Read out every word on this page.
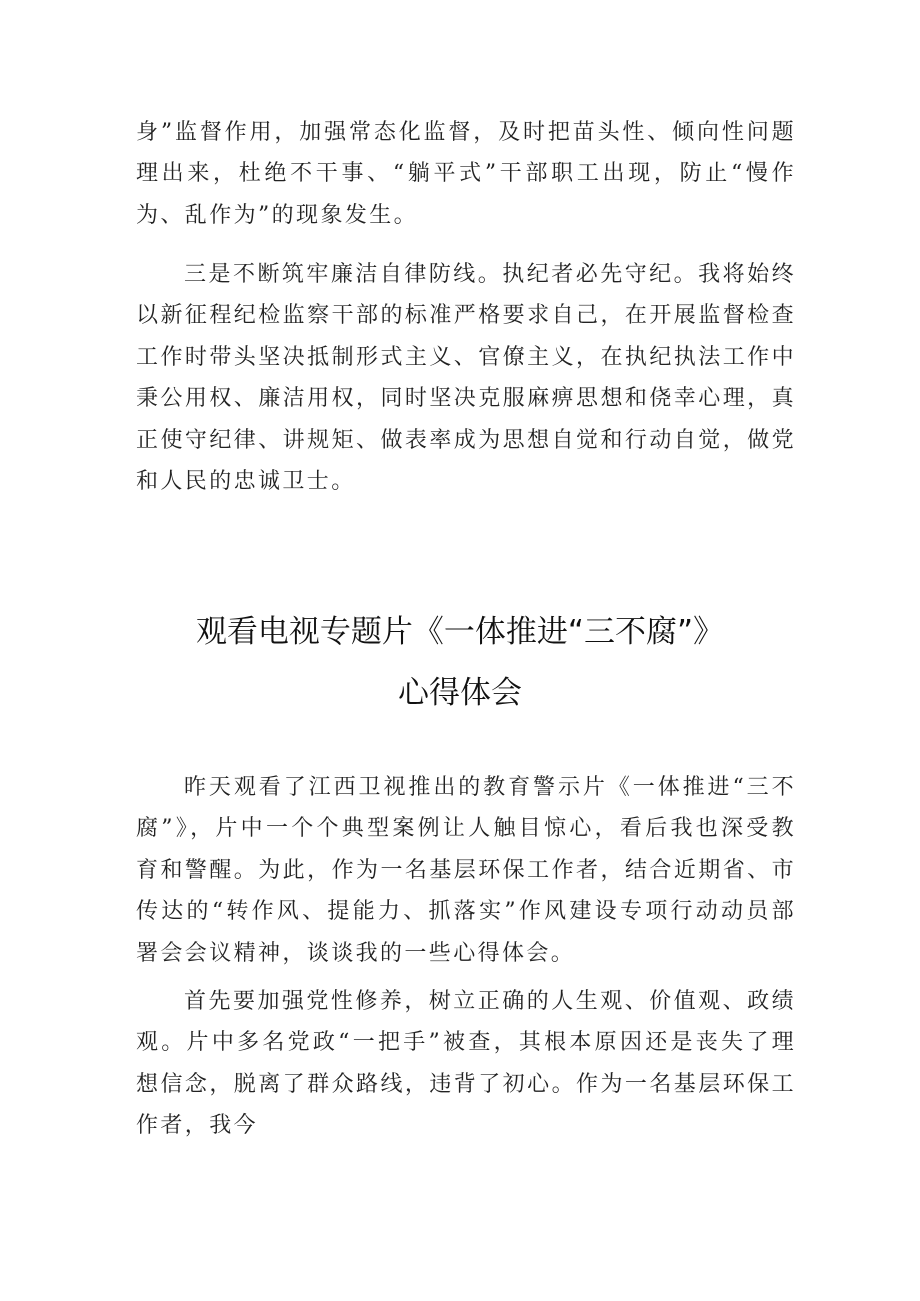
身”监督作用，加强常态化监督，及时把苗头性、倾向性问题理出来，杜绝不干事、“躺平式”干部职工出现，防止“慢作为、乱作为”的现象发生。

三是不断筑牢廉洁自律防线。执纪者必先守纪。我将始终以新征程纪检监察干部的标准严格要求自己，在开展监督检查工作时带头坚决抵制形式主义、官僚主义，在执纪执法工作中秉公用权、廉洁用权，同时坚决克服麻痹思想和侥幸心理，真正使守纪律、讲规矩、做表率成为思想自觉和行动自觉，做党和人民的忠诚卫士。

观看电视专题片《一体推进“三不腐”》
心得体会

昨天观看了江西卫视推出的教育警示片《一体推进“三不腐”》，片中一个个典型案例让人触目惊心，看后我也深受教育和警醒。为此，作为一名基层环保工作者，结合近期省、市传达的“转作风、提能力、抓落实”作风建设专项行动动员部署会会议精神，谈谈我的一些心得体会。

首先要加强党性修养，树立正确的人生观、价值观、政绩观。片中多名党政“一把手”被查，其根本原因还是丧失了理想信念，脱离了群众路线，违背了初心。作为一名基层环保工作者，我今
